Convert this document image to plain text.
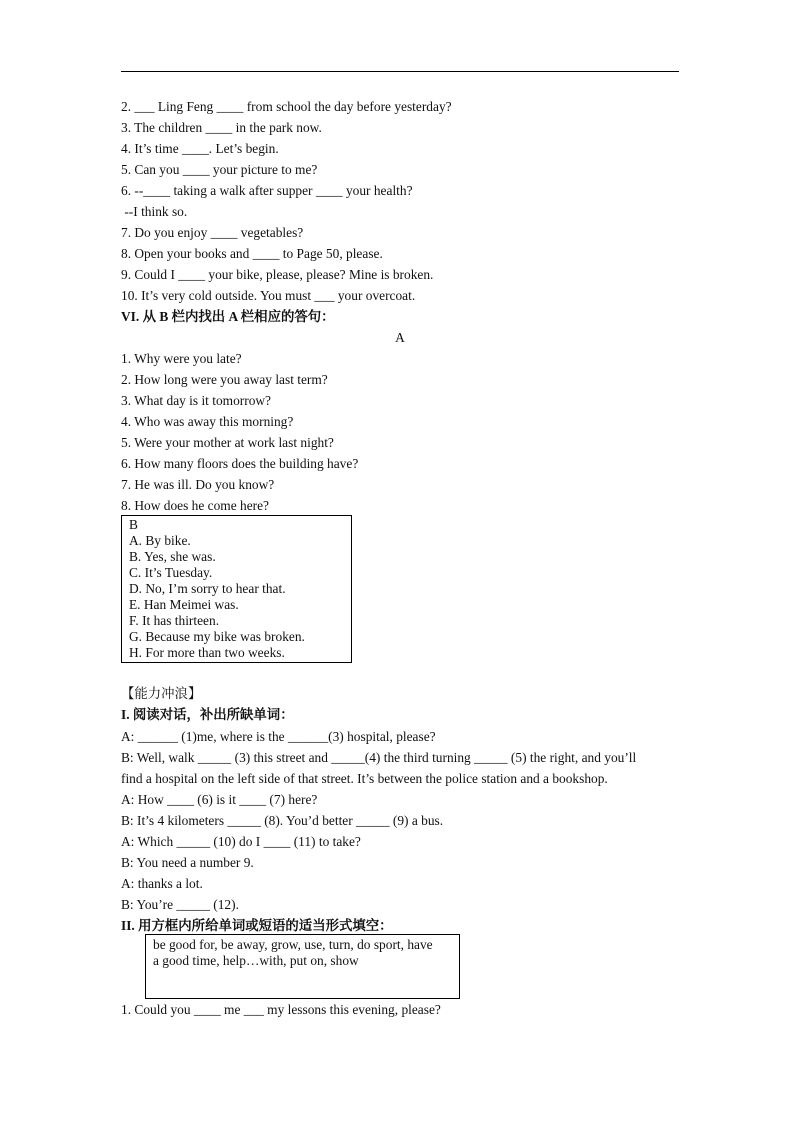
2. ___ Ling Feng ____ from school the day before yesterday?
3. The children ____ in the park now.
4. It’s time ____. Let’s begin.
5. Can you ____ your picture to me?
6. --____ taking a walk after supper ____ your health?
--I think so.
7. Do you enjoy ____ vegetables?
8. Open your books and ____ to Page 50, please.
9. Could I ____ your bike, please, please? Mine is broken.
10. It’s very cold outside. You must ___ your overcoat.
VI. 从 B 栏内找出 A 栏相应的答句：
A
1. Why were you late?
2. How long were you away last term?
3. What day is it tomorrow?
4. Who was away this morning?
5. Were your mother at work last night?
6. How many floors does the building have?
7. He was ill. Do you know?
8. How does he come here?
B
A. By bike.
B. Yes, she was.
C. It’s Tuesday.
D. No, I’m sorry to hear that.
E. Han Meimei was.
F. It has thirteen.
G. Because my bike was broken.
H. For more than two weeks.
【能力冲浪】
I. 阅读对话，补出所缺单词：
A: ______ (1)me, where is the ______(3) hospital, please?
B: Well, walk _____ (3) this street and _____(4) the third turning _____ (5) the right, and you’ll
find a hospital on the left side of that street. It’s between the police station and a bookshop.
A: How ____ (6) is it ____ (7) here?
B: It’s 4 kilometers _____ (8). You’d better _____ (9) a bus.
A: Which _____ (10) do I ____ (11) to take?
B: You need a number 9.
A: thanks a lot.
B: You’re _____ (12).
II. 用方框内所给单词或短语的适当形式填空：
be good for, be away, grow, use, turn, do sport, have
a good time, help…with, put on, show
1. Could you ____ me ___ my lessons this evening, please?
